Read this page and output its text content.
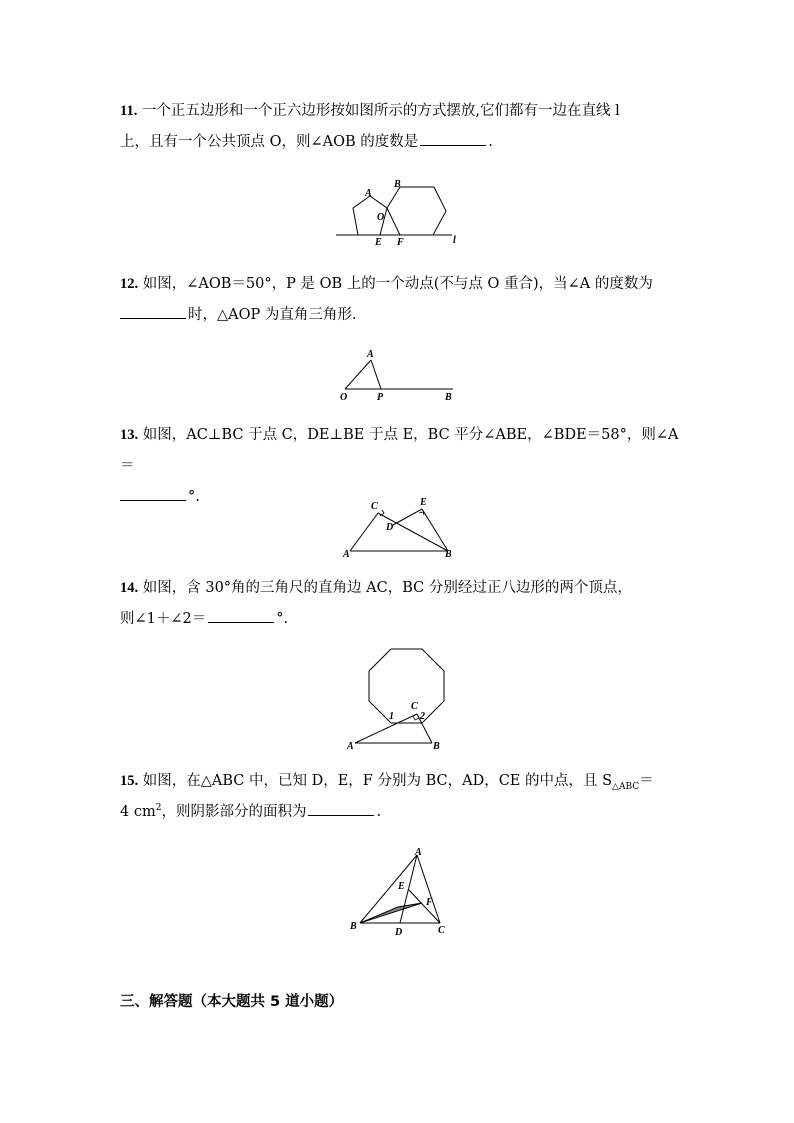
11. 一个正五边形和一个正六边形按如图所示的方式摆放,它们都有一边在直线 l
上，且有一个公共顶点 O，则∠AOB 的度数是	.
A
B
O
E F	l
12. 如图，∠AOB＝50°，P 是 OB 上的一个动点(不与点 O 重合)，当∠A 的度数为
时，△AOP 为直角三角形.
A
O	P	B
13. 如图，AC⊥BC 于点 C，DE⊥BE 于点 E，BC 平分∠ABE，∠BDE＝58°，则∠A＝
°.
C	E
D
A	B
14. 如图，含 30°角的三角尺的直角边 AC，BC 分别经过正八边形的两个顶点，
则∠1＋∠2＝	°.
C
1	2
A	B
15. 如图，在△ABC 中，已知 D，E，F 分别为 BC，AD，CE 的中点，且 $S_{\triangle ABC}=$
4 $cm^2$，则阴影部分的面积为	.
A
E
F
B
D	C
三、解答题（本大题共 5 道小题）
